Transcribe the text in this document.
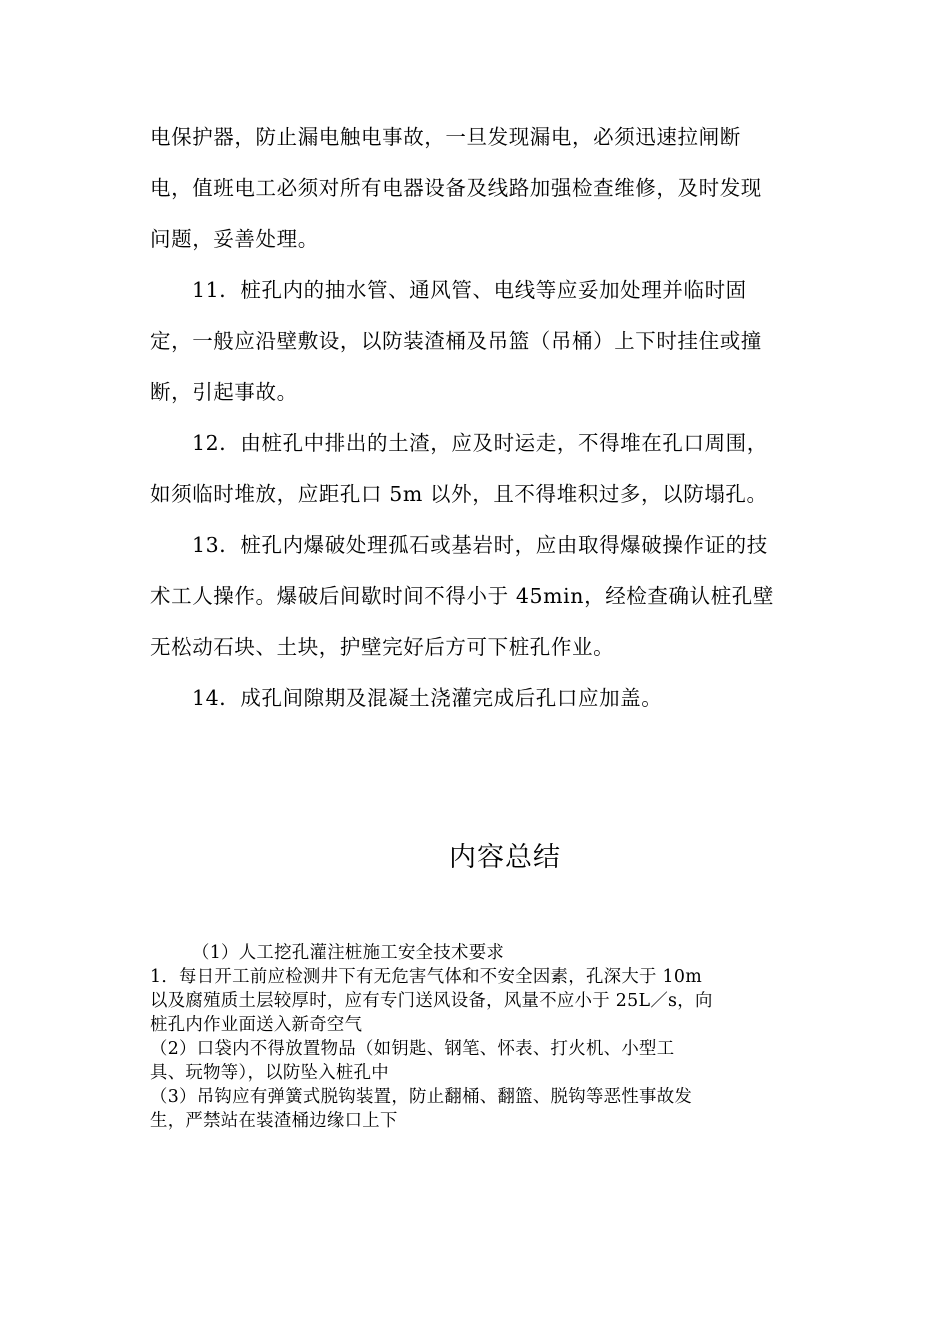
电保护器，防止漏电触电事故，一旦发现漏电，必须迅速拉闸断
电，值班电工必须对所有电器设备及线路加强检查维修，及时发现
问题，妥善处理。
11．桩孔内的抽水管、通风管、电线等应妥加处理并临时固
定，一般应沿壁敷设，以防装渣桶及吊篮（吊桶）上下时挂住或撞
断，引起事故。
12．由桩孔中排出的土渣，应及时运走，不得堆在孔口周围，
如须临时堆放，应距孔口 5m 以外，且不得堆积过多，以防塌孔。
13．桩孔内爆破处理孤石或基岩时，应由取得爆破操作证的技
术工人操作。爆破后间歇时间不得小于 45min，经检查确认桩孔壁
无松动石块、土块，护壁完好后方可下桩孔作业。
14．成孔间隙期及混凝土浇灌完成后孔口应加盖。
内容总结
（1）人工挖孔灌注桩施工安全技术要求
1．每日开工前应检测井下有无危害气体和不安全因素，孔深大于 10m
以及腐殖质土层较厚时，应有专门送风设备，风量不应小于 25L／s，向
桩孔内作业面送入新奇空气
（2）口袋内不得放置物品（如钥匙、钢笔、怀表、打火机、小型工
具、玩物等），以防坠入桩孔中
（3）吊钩应有弹簧式脱钩装置，防止翻桶、翻篮、脱钩等恶性事故发
生，严禁站在装渣桶边缘口上下
